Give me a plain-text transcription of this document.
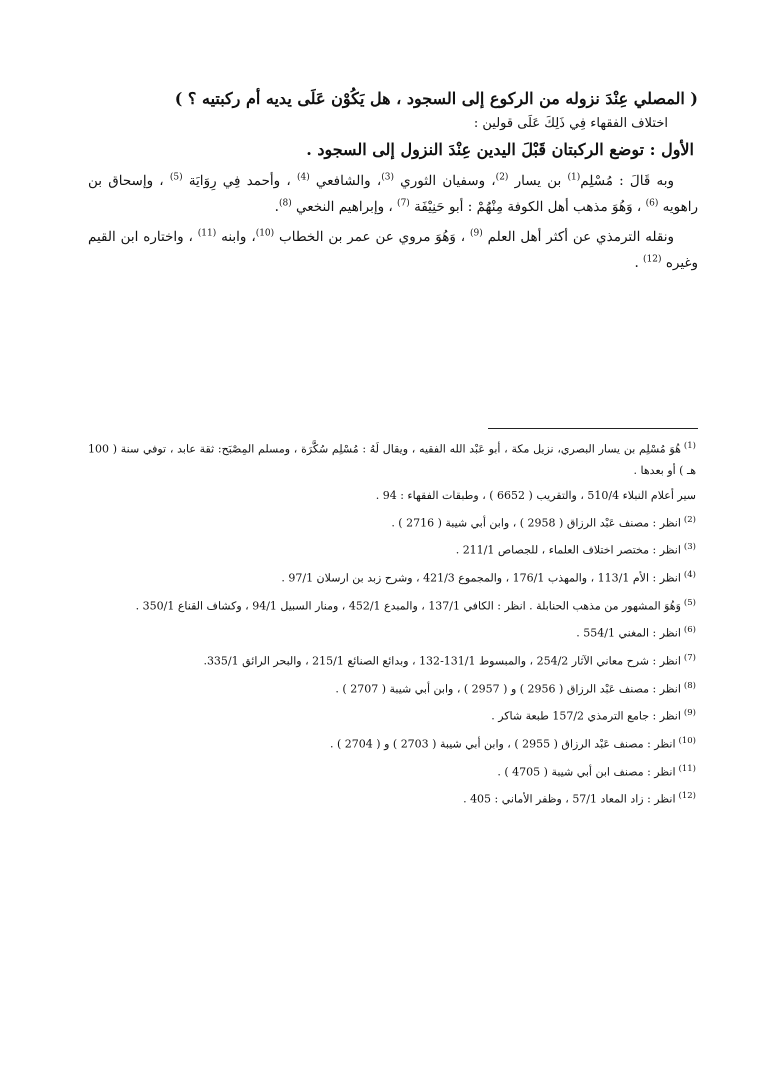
( المصلي عِنْدَ نزوله من الركوع إلى السجود ، هل يَكُوْن عَلَى يديه أم ركبتيه ؟ )

اختلاف الفقهاء فِي ذَلِكَ عَلَى قولين :

الأول : توضع الركبتان قَبْلَ اليدين عِنْدَ النزول إلى السجود .

وبه قَالَ : مُسْلِم$^{(1)}$ بن يسار $^{(2)}$، وسفيان الثوري $^{(3)}$، والشافعي $^{(4)}$ ، وأحمد فِي رِوَايَة $^{(5)}$ ، وإسحاق بن راهويه $^{(6)}$ ، وَهُوَ مذهب أهل الكوفة مِنْهُمْ : أبو حَنِيْفَة $^{(7)}$ ، وإبراهيم النخعي $^{(8)}$.

ونقله الترمذي عن أكثر أهل العلم $^{(9)}$ ، وَهُوَ مروي عن عمر بن الخطاب $^{(10)}$، وابنه $^{(11)}$ ، واختاره ابن القيم وغيره $^{(12)}$ .

$^{(1)}$هُوَ مُسْلِم بن يسار البصري، نزيل مكة ، أبو عَبْد الله الفقيه ، ويقال لَهُ : مُسْلِم سُكَّرَة ، ومسلم المِصْبَح: ثقة عابد ، توفي سنة ( 100 هـ ) أو بعدها .

سير أعلام النبلاء 510/4 ، والتقريب ( 6652 ) ، وطبقات الفقهاء : 94 .

$^{(2)}$انظر : مصنف عَبْد الرزاق ( 2958 ) ، وابن أبي شيبة ( 2716 ) .

$^{(3)}$انظر : مختصر اختلاف العلماء ، للجصاص 211/1 .

$^{(4)}$انظر : الأم 113/1 ، والمهذب 176/1 ، والمجموع 421/3 ، وشرح زبد بن ارسلان 97/1 .

$^{(5)}$وَهُوَ المشهور من مذهب الحنابلة . انظر : الكافي 137/1 ، والمبدع 452/1 ، ومنار السبيل 94/1 ، وكشاف القناع 350/1 .

$^{(6)}$انظر : المغني 554/1 .

$^{(7)}$انظر : شرح معاني الآثار 254/2 ، والمبسوط 131/1-132 ، وبدائع الصنائع 215/1 ، والبحر الرائق 335/1.

$^{(8)}$انظر : مصنف عَبْد الرزاق ( 2956 ) و ( 2957 ) ، وابن أبي شيبة ( 2707 ) .

$^{(9)}$انظر : جامع الترمذي 157/2 طبعة شاكر .

$^{(10)}$انظر : مصنف عَبْد الرزاق ( 2955 ) ، وابن أبي شيبة ( 2703 ) و ( 2704 ) .

$^{(11)}$انظر : مصنف ابن أبي شيبة ( 4705 ) .

$^{(12)}$انظر : زاد المعاد 57/1 ، وظفر الأماني : 405 .
